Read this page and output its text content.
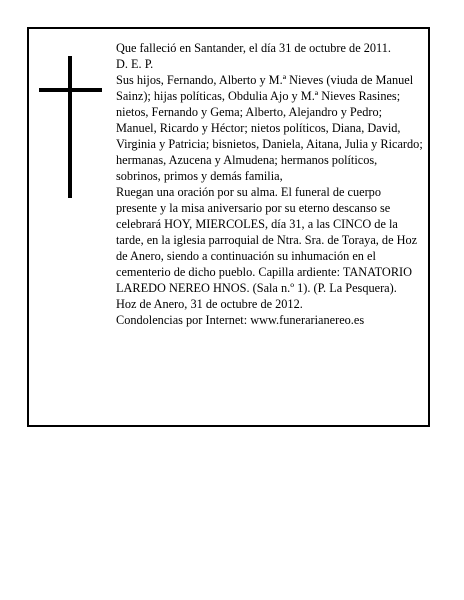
Que falleció en Santander, el día 31 de octubre de 2011.

D. E. P.

Sus hijos, Fernando, Alberto y M.ª Nieves (viuda de Manuel Sainz); hijas políticas, Obdulia Ajo y M.ª Nieves Rasines; nietos, Fernando y Gema; Alberto, Alejandro y Pedro; Manuel, Ricardo y Héctor; nietos políticos, Diana, David, Virginia y Patricia; bisnietos, Daniela, Aitana, Julia y Ricardo; hermanas, Azucena y Almudena; hermanos políticos, sobrinos, primos y demás familia,

Ruegan una oración por su alma. El funeral de cuerpo presente y la misa aniversario por su eterno descanso se celebrará HOY, MIERCOLES, día 31, a las CINCO de la tarde, en la iglesia parroquial de Ntra. Sra. de Toraya, de Hoz de Anero, siendo a continuación su inhumación en el cementerio de dicho pueblo. Capilla ardiente: TANATORIO LAREDO NEREO HNOS. (Sala n.º 1). (P. La Pesquera).

Hoz de Anero, 31 de octubre de 2012.

Condolencias por Internet: www.funerarianereo.es
